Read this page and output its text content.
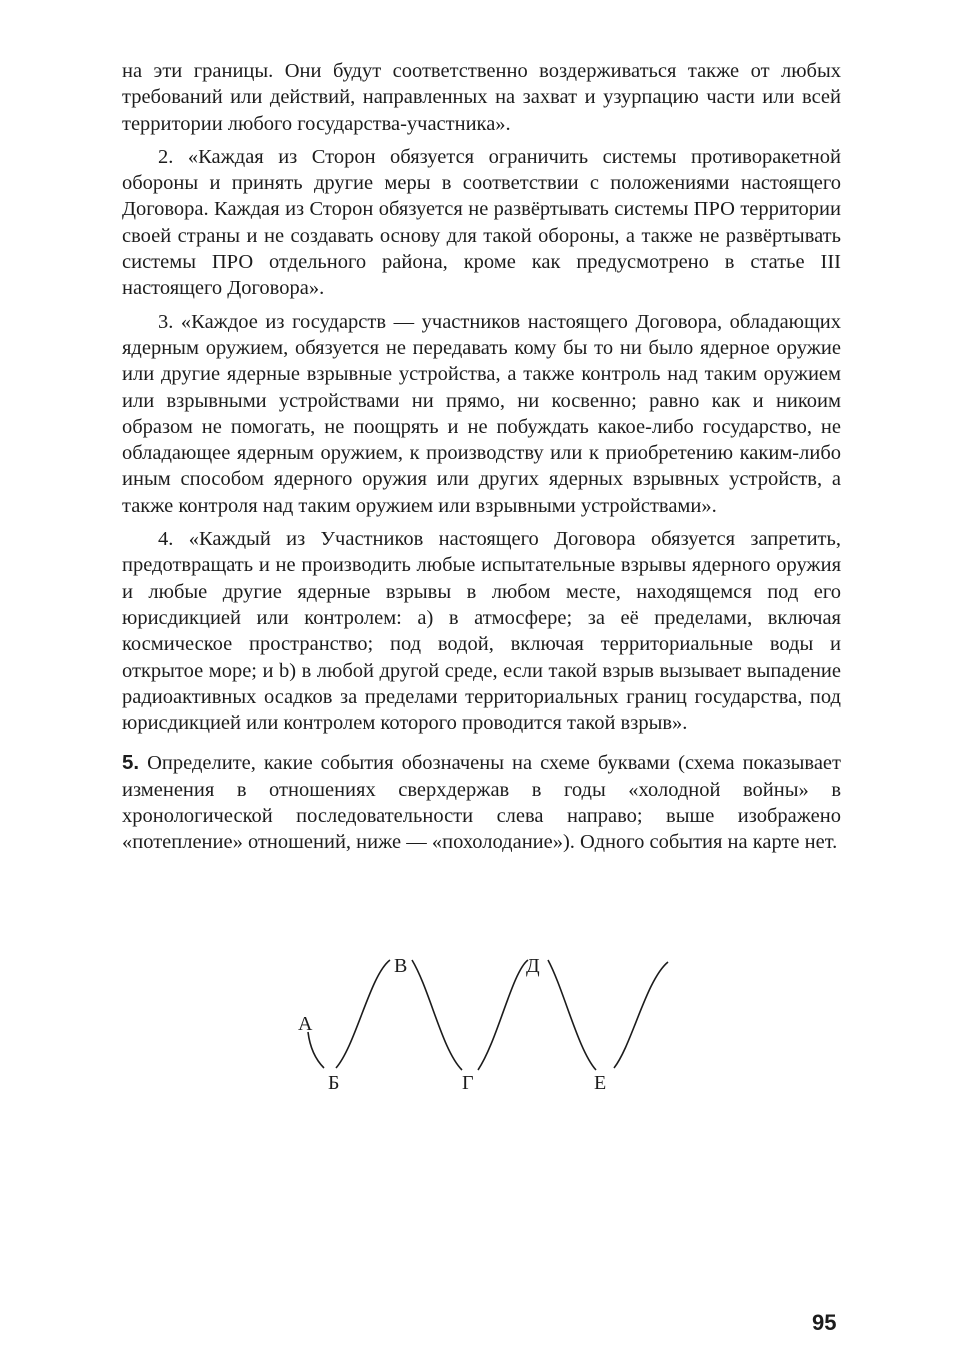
на эти границы. Они будут соответственно воздерживаться также от любых требований или действий, направленных на захват и узурпацию части или всей территории любого государства-участника».

2. «Каждая из Сторон обязуется ограничить системы противоракетной обороны и принять другие меры в соответствии с положениями настоящего Договора. Каждая из Сторон обязуется не развёртывать системы ПРО территории своей страны и не создавать основу для такой обороны, а также не развёртывать системы ПРО отдельного района, кроме как предусмотрено в статье III настоящего Договора».

3. «Каждое из государств — участников настоящего Договора, обладающих ядерным оружием, обязуется не передавать кому бы то ни было ядерное оружие или другие ядерные взрывные устройства, а также контроль над таким оружием или взрывными устройствами ни прямо, ни косвенно; равно как и никоим образом не помогать, не поощрять и не побуждать какое-либо государство, не обладающее ядерным оружием, к производству или к приобретению каким-либо иным способом ядерного оружия или других ядерных взрывных устройств, а также контроля над таким оружием или взрывными устройствами».

4. «Каждый из Участников настоящего Договора обязуется запретить, предотвращать и не производить любые испытательные взрывы ядерного оружия и любые другие ядерные взрывы в любом месте, находящемся под его юрисдикцией или контролем: а) в атмосфере; за её пределами, включая космическое пространство; под водой, включая территориальные воды и открытое море; и b) в любой другой среде, если такой взрыв вызывает выпадение радиоактивных осадков за пределами территориальных границ государства, под юрисдикцией или контролем которого проводится такой взрыв».

5. Определите, какие события обозначены на схеме буквами (схема показывает изменения в отношениях сверхдержав в годы «холодной войны» в хронологической последовательности слева направо; выше изображено «потепление» отношений, ниже — «похолодание»). Одного события на карте нет.

А
Б
В
Г
Д
Е
95
